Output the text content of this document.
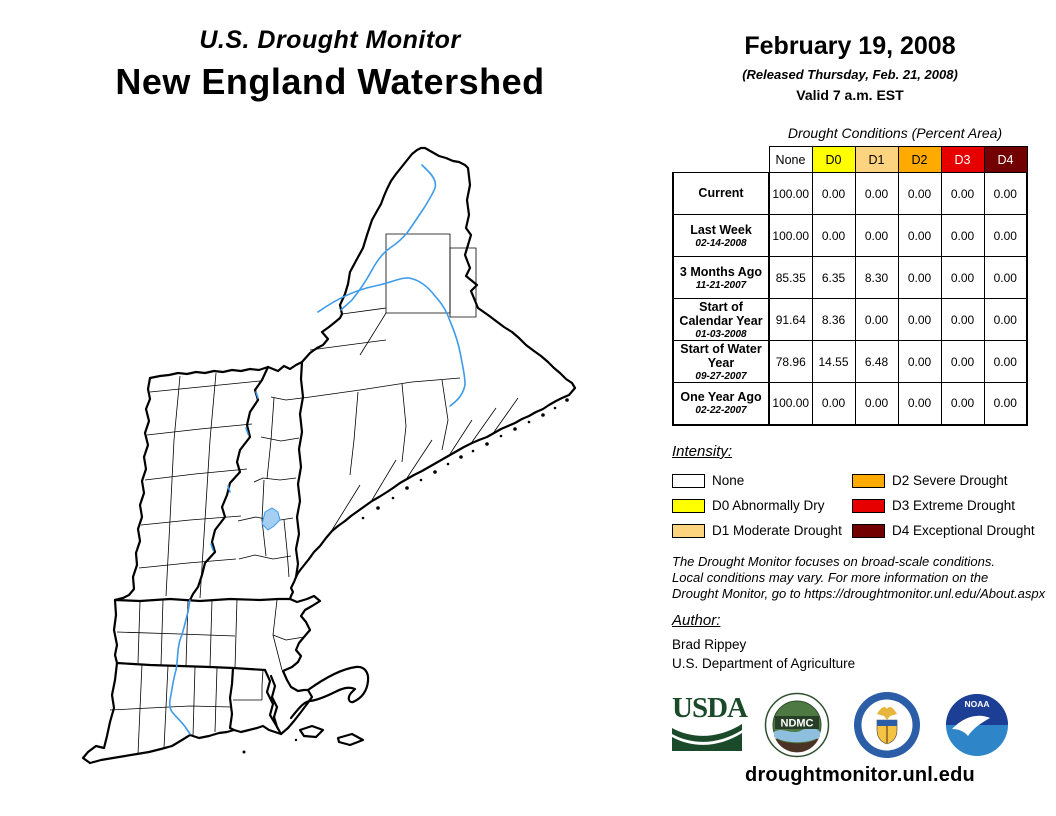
U.S. Drought Monitor
New England Watershed
February 19, 2008
(Released Thursday, Feb. 21, 2008)
Valid 7 a.m. EST
Drought Conditions (Percent Area)
	None	D0	D1	D2	D3	D4

Current	100.00	0.00	0.00	0.00	0.00	0.00

Last Week
02-14-2008	100.00	0.00	0.00	0.00	0.00	0.00

3 Months Ago
11-21-2007	85.35	6.35	8.30	0.00	0.00	0.00

Start of Calendar Year
01-03-2008	91.64	8.36	0.00	0.00	0.00	0.00

Start of Water Year
09-27-2007	78.96	14.55	6.48	0.00	0.00	0.00

One Year Ago
02-22-2007	100.00	0.00	0.00	0.00	0.00	0.00
Intensity:
None
D0 Abnormally Dry
D1 Moderate Drought
D2 Severe Drought
D3 Extreme Drought
D4 Exceptional Drought
The Drought Monitor focuses on broad-scale conditions.
Local conditions may vary. For more information on the
Drought Monitor, go to https://droughtmonitor.unl.edu/About.aspx
Author:
Brad Rippey
U.S. Department of Agriculture
USDA	NDMC
NOAA
droughtmonitor.unl.edu
